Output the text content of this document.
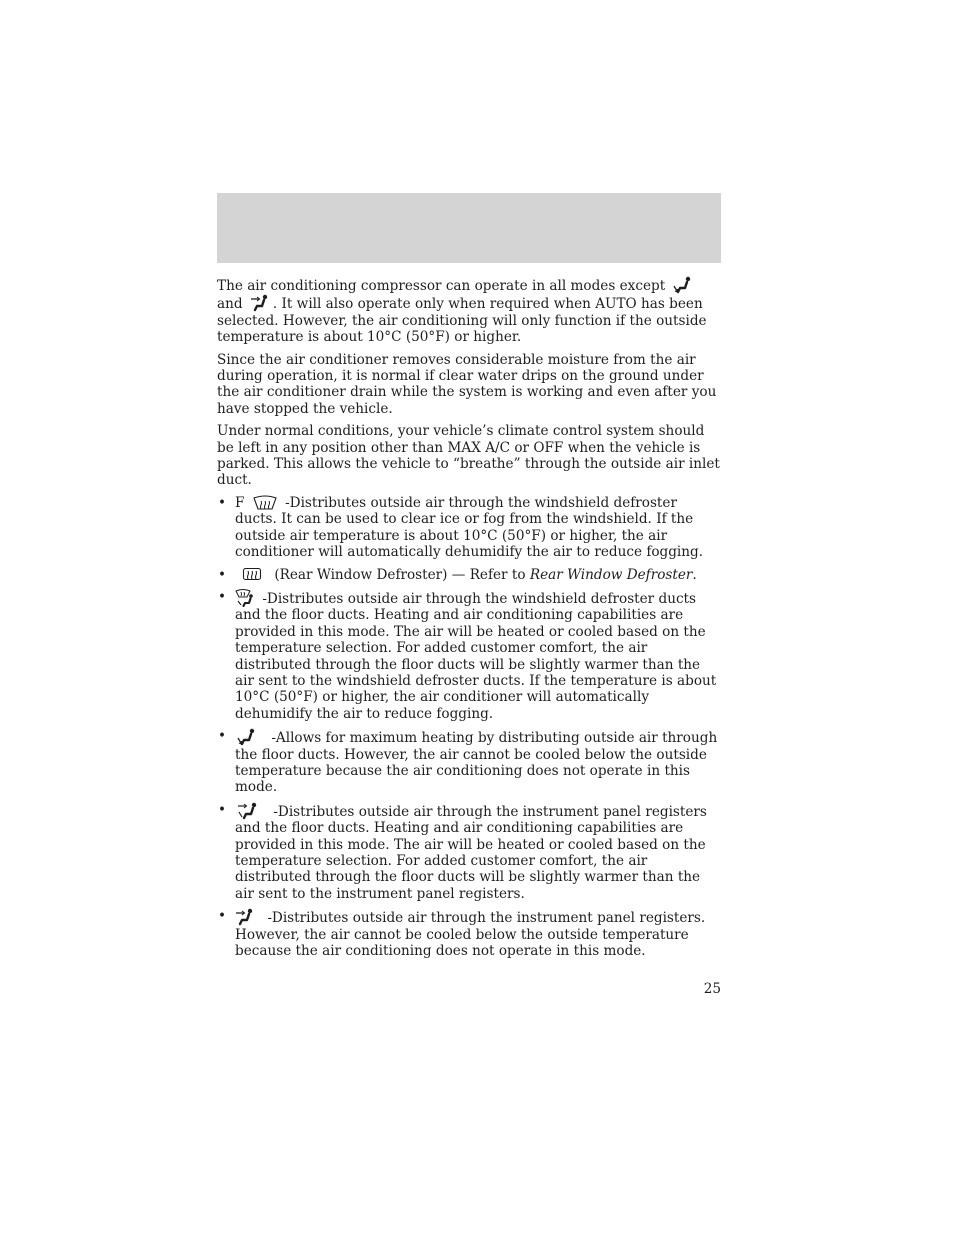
The air conditioning compressor can operate in all modes except

and . It will also operate only when required when AUTO has been selected. However, the air conditioning will only function if the outside temperature is about 10°C (50°F) or higher.

Since the air conditioner removes considerable moisture from the air during operation, it is normal if clear water drips on the ground under the air conditioner drain while the system is working and even after you have stopped the vehicle.

Under normal conditions, your vehicle’s climate control system should be left in any position other than MAX A/C or OFF when the vehicle is parked. This allows the vehicle to “breathe” through the outside air inlet duct.

• F	-Distributes outside air through the windshield defroster ducts. It can be used to clear ice or fog from the windshield. If the outside air temperature is about 10°C (50°F) or higher, the air conditioner will automatically dehumidify the air to reduce fogging.
•	(Rear Window Defroster) — Refer to Rear Window Defroster.
•	-Distributes outside air through the windshield defroster ducts and the floor ducts. Heating and air conditioning capabilities are provided in this mode. The air will be heated or cooled based on the temperature selection. For added customer comfort, the air distributed through the floor ducts will be slightly warmer than the air sent to the windshield defroster ducts. If the temperature is about 10°C (50°F) or higher, the air conditioner will automatically dehumidify the air to reduce fogging.
•	-Allows for maximum heating by distributing outside air through the floor ducts. However, the air cannot be cooled below the outside temperature because the air conditioning does not operate in this mode.
•	-Distributes outside air through the instrument panel registers and the floor ducts. Heating and air conditioning capabilities are provided in this mode. The air will be heated or cooled based on the temperature selection. For added customer comfort, the air distributed through the floor ducts will be slightly warmer than the air sent to the instrument panel registers.
•	-Distributes outside air through the instrument panel registers. However, the air cannot be cooled below the outside temperature because the air conditioning does not operate in this mode.
25
